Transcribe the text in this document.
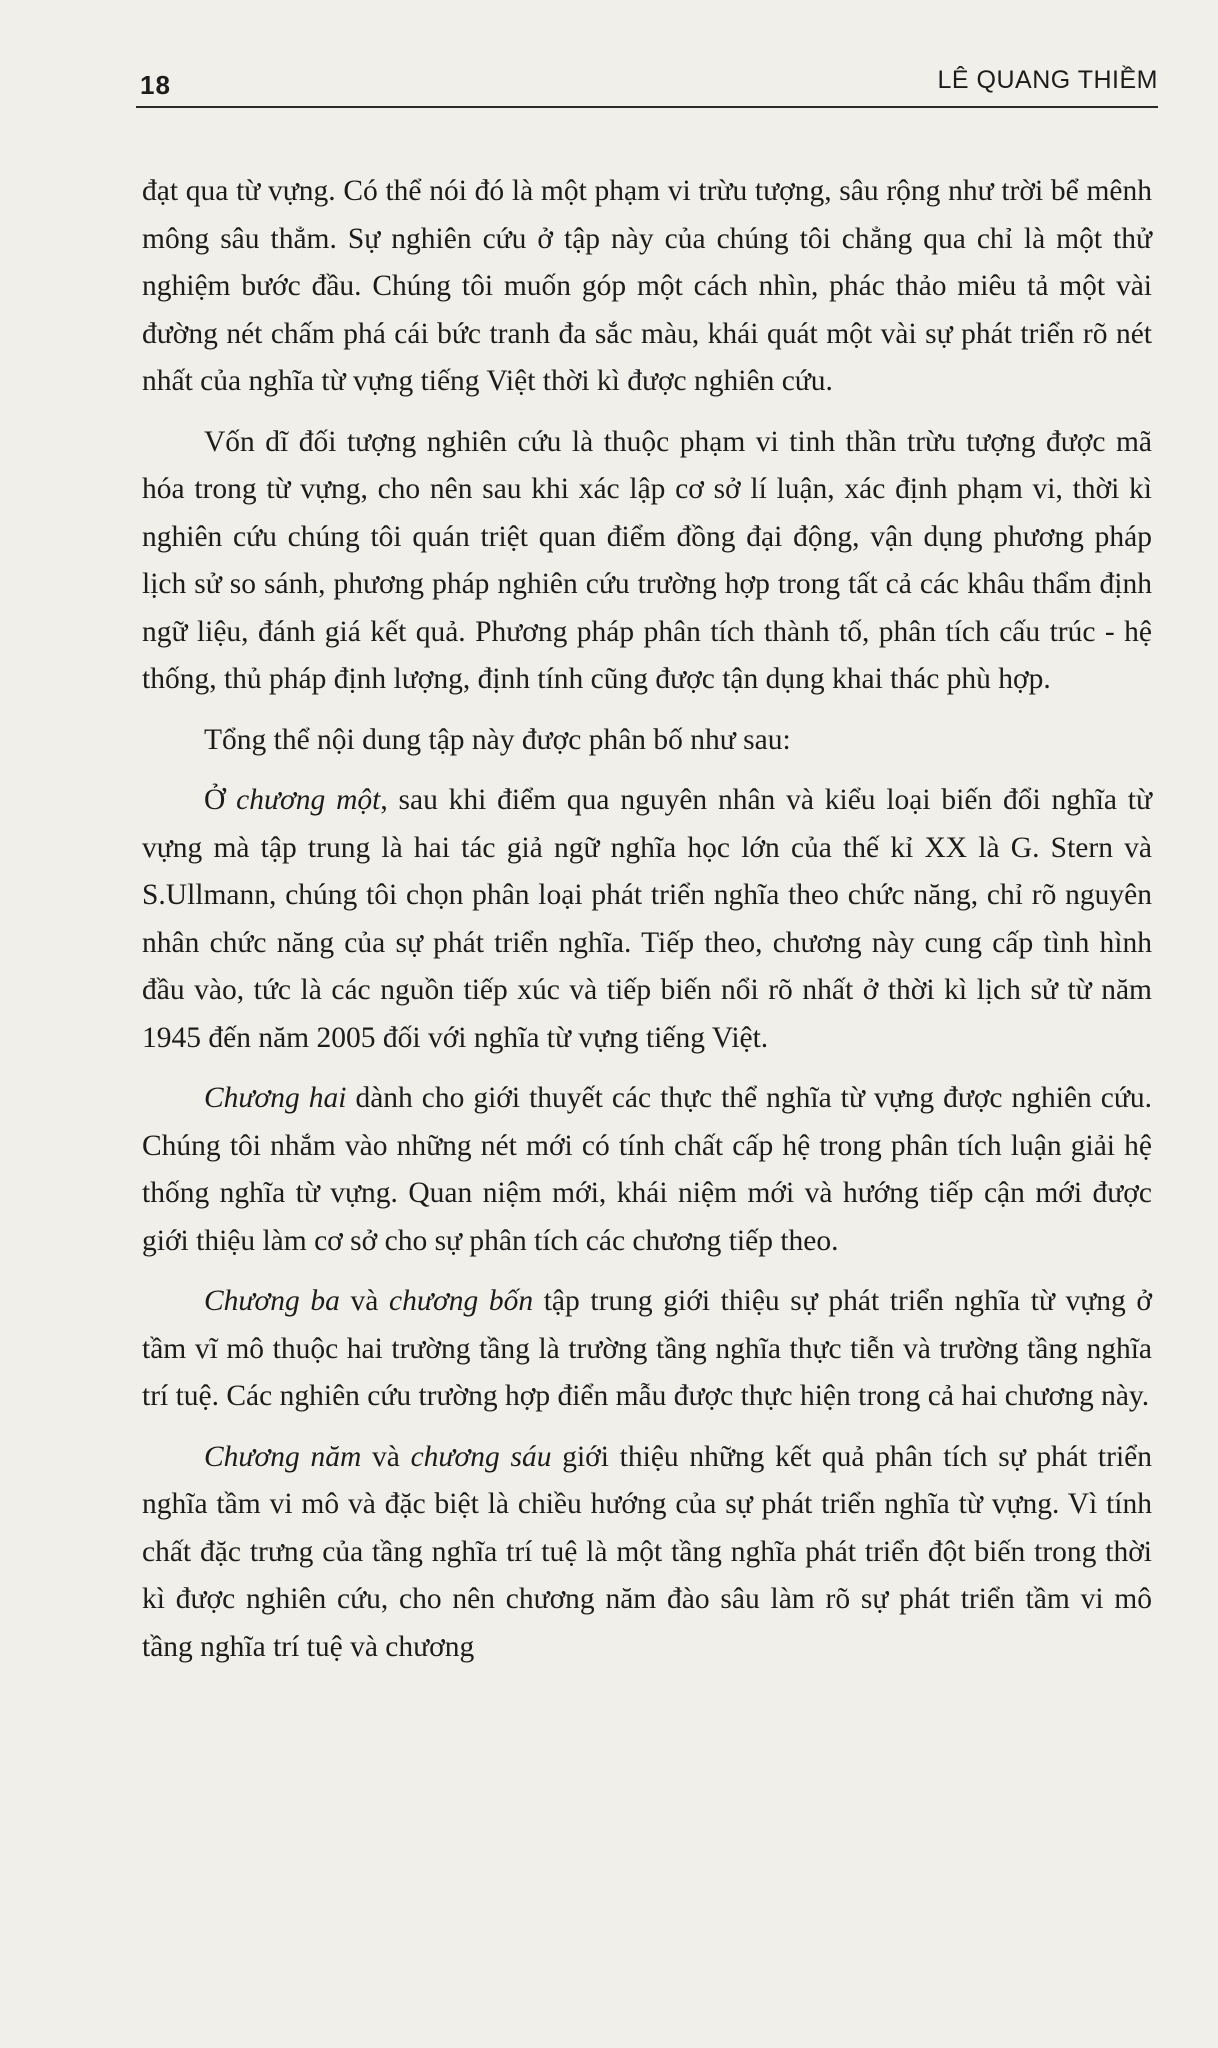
18	LÊ QUANG THIỀM

đạt qua từ vựng. Có thể nói đó là một phạm vi trừu tượng, sâu rộng như trời bể mênh mông sâu thẳm. Sự nghiên cứu ở tập này của chúng tôi chẳng qua chỉ là một thử nghiệm bước đầu. Chúng tôi muốn góp một cách nhìn, phác thảo miêu tả một vài đường nét chấm phá cái bức tranh đa sắc màu, khái quát một vài sự phát triển rõ nét nhất của nghĩa từ vựng tiếng Việt thời kì được nghiên cứu.

Vốn dĩ đối tượng nghiên cứu là thuộc phạm vi tinh thần trừu tượng được mã hóa trong từ vựng, cho nên sau khi xác lập cơ sở lí luận, xác định phạm vi, thời kì nghiên cứu chúng tôi quán triệt quan điểm đồng đại động, vận dụng phương pháp lịch sử so sánh, phương pháp nghiên cứu trường hợp trong tất cả các khâu thẩm định ngữ liệu, đánh giá kết quả. Phương pháp phân tích thành tố, phân tích cấu trúc - hệ thống, thủ pháp định lượng, định tính cũng được tận dụng khai thác phù hợp.

Tổng thể nội dung tập này được phân bố như sau:

Ở chương một, sau khi điểm qua nguyên nhân và kiểu loại biến đổi nghĩa từ vựng mà tập trung là hai tác giả ngữ nghĩa học lớn của thế kỉ XX là G. Stern và S.Ullmann, chúng tôi chọn phân loại phát triển nghĩa theo chức năng, chỉ rõ nguyên nhân chức năng của sự phát triển nghĩa. Tiếp theo, chương này cung cấp tình hình đầu vào, tức là các nguồn tiếp xúc và tiếp biến nổi rõ nhất ở thời kì lịch sử từ năm 1945 đến năm 2005 đối với nghĩa từ vựng tiếng Việt.

Chương hai dành cho giới thuyết các thực thể nghĩa từ vựng được nghiên cứu. Chúng tôi nhắm vào những nét mới có tính chất cấp hệ trong phân tích luận giải hệ thống nghĩa từ vựng. Quan niệm mới, khái niệm mới và hướng tiếp cận mới được giới thiệu làm cơ sở cho sự phân tích các chương tiếp theo.

Chương ba và chương bốn tập trung giới thiệu sự phát triển nghĩa từ vựng ở tầm vĩ mô thuộc hai trường tầng là trường tầng nghĩa thực tiễn và trường tầng nghĩa trí tuệ. Các nghiên cứu trường hợp điển mẫu được thực hiện trong cả hai chương này.

Chương năm và chương sáu giới thiệu những kết quả phân tích sự phát triển nghĩa tầm vi mô và đặc biệt là chiều hướng của sự phát triển nghĩa từ vựng. Vì tính chất đặc trưng của tầng nghĩa trí tuệ là một tầng nghĩa phát triển đột biến trong thời kì được nghiên cứu, cho nên chương năm đào sâu làm rõ sự phát triển tầm vi mô tầng nghĩa trí tuệ và chương
